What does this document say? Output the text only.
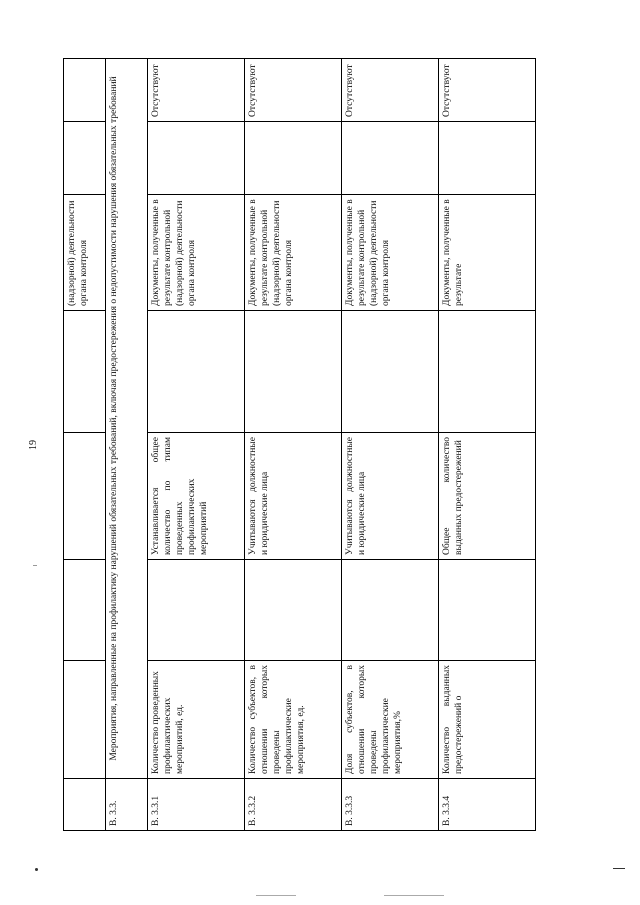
19
					(надзорной) деятельности органа контроля		
В. 3.3.	Мероприятия, направленные на профилактику нарушений обязательных требований, включая предостережения о недопустимости нарушения обязательных требований						
В. 3.3.1	Количество проведенных профилактических мероприятий, ед.		Устанавливается общее количество по типам проведенных профилактических мероприятий		Документы, полученные в результате контрольной (надзорной) деятельности органа контроля		Отсутствуют
В. 3.3.2	Количество субъектов, в отношении которых проведены профилактические мероприятия, ед.		Учитываются должностные и юридические лица		Документы, полученные в результате контрольной (надзорной) деятельности органа контроля		Отсутствуют
В. 3.3.3	Доля субъектов, в отношении которых проведены профилактические мероприятия,%		Учитываются должностные и юридические лица		Документы, полученные в результате контрольной (надзорной) деятельности органа контроля		Отсутствуют
В. 3.3.4	Количество выданных предостережений о		Общее количество выданных предостережений		Документы, полученные в результате		Отсутствуют
